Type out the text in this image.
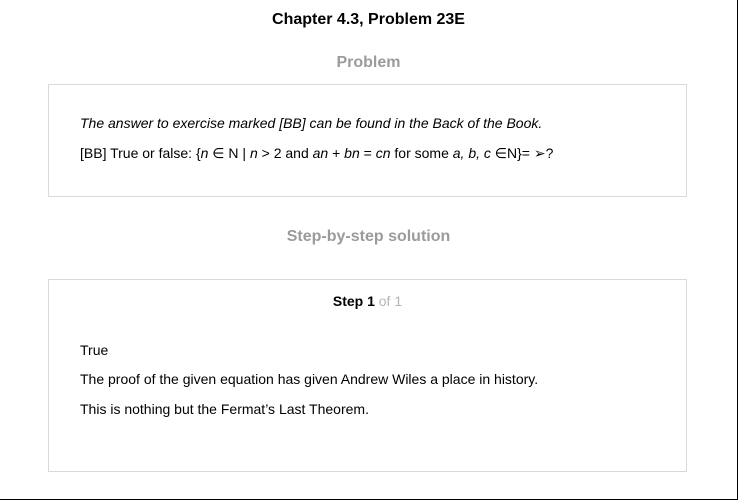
Chapter 4.3, Problem 23E
Problem
The answer to exercise marked [BB] can be found in the Back of the Book.
[BB] True or false: {n ∈ N | n > 2 and an + bn = cn for some a, b, c ∈N}= ➢?
Step-by-step solution
Step 1 of 1
True
The proof of the given equation has given Andrew Wiles a place in history.
This is nothing but the Fermat’s Last Theorem.
